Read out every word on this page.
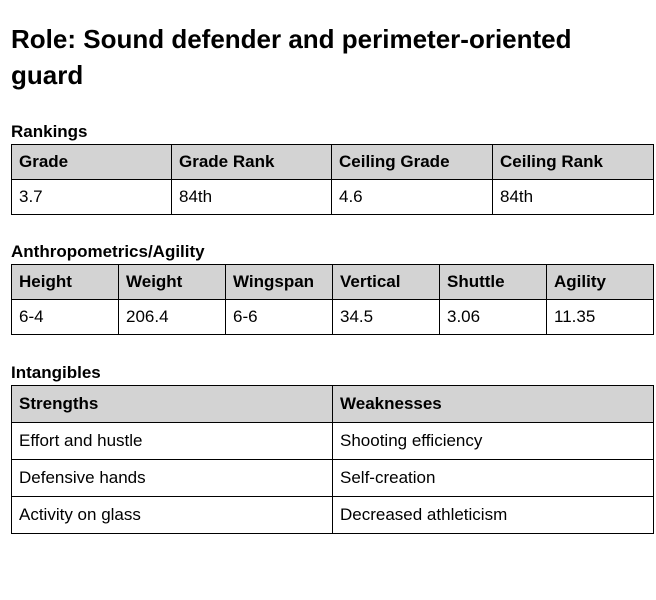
Role: Sound defender and perimeter-oriented guard
Rankings
Grade	Grade Rank	Ceiling Grade	Ceiling Rank
3.7	84th	4.6	84th
Anthropometrics/Agility
Height	Weight	Wingspan	Vertical	Shuttle	Agility
6-4	206.4	6-6	34.5	3.06	11.35
Intangibles
Strengths	Weaknesses
Effort and hustle	Shooting efficiency
Defensive hands	Self-creation
Activity on glass	Decreased athleticism
